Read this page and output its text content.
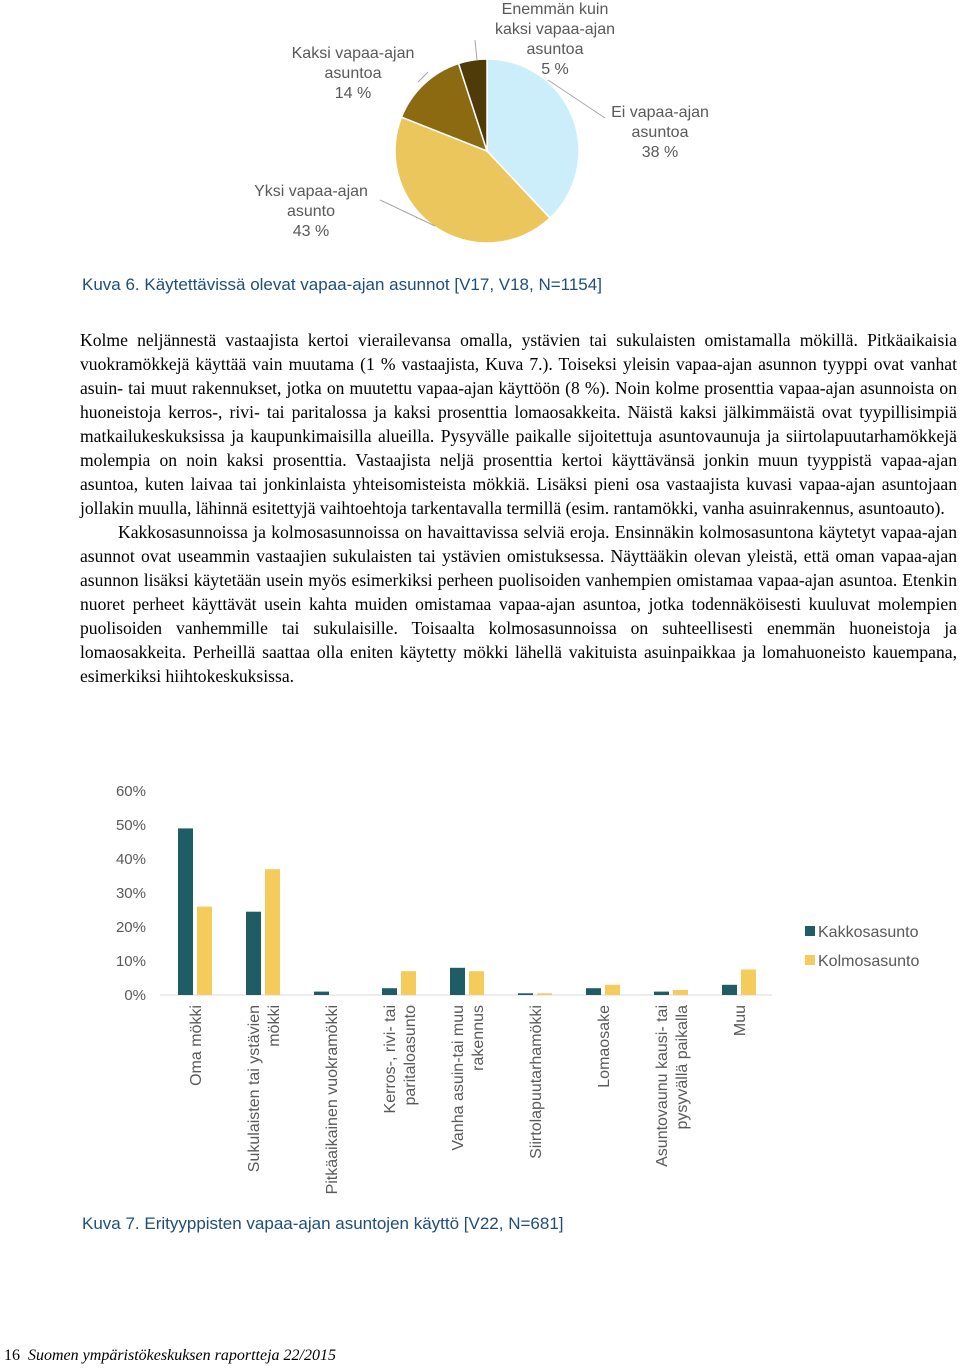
Enemmän kuin
kaksi vapaa-ajan
asuntoa
5 %
Kaksi vapaa-ajan
asuntoa
14 %
Ei vapaa-ajan
asuntoa
38 %
Yksi vapaa-ajan
asunto
43 %
Kuva 6. Käytettävissä olevat vapaa-ajan asunnot [V17, V18, N=1154]

Kolme neljännestä vastaajista kertoi vierailevansa omalla, ystävien tai sukulaisten omistamalla mökillä. Pitkäaikaisia vuokramökkejä käyttää vain muutama (1 % vastaajista, Kuva 7.). Toiseksi yleisin vapaa-ajan asunnon tyyppi ovat vanhat asuin- tai muut rakennukset, jotka on muutettu vapaa-ajan käyttöön (8 %). Noin kolme prosenttia vapaa-ajan asunnoista on huoneistoja kerros-, rivi- tai paritalossa ja kaksi prosenttia lomaosakkeita. Näistä kaksi jälkimmäistä ovat tyypillisimpiä matkailukeskuksissa ja kaupunkimaisilla alueilla. Pysyvälle paikalle sijoitettuja asuntovaunuja ja siirtolapuutarhamökkejä molempia on noin kaksi prosenttia. Vastaajista neljä prosenttia kertoi käyttävänsä jonkin muun tyyppistä vapaa-ajan asuntoa, kuten laivaa tai jonkinlaista yhteisomisteista mökkiä. Lisäksi pieni osa vastaajista kuvasi vapaa-ajan asuntojaan jollakin muulla, lähinnä esitettyjä vaihtoehtoja tarkentavalla termillä (esim. rantamökki, vanha asuinrakennus, asuntoauto).

Kakkosasunnoissa ja kolmosasunnoissa on havaittavissa selviä eroja. Ensinnäkin kolmosasuntona käytetyt vapaa-ajan asunnot ovat useammin vastaajien sukulaisten tai ystävien omistuksessa. Näyttääkin olevan yleistä, että oman vapaa-ajan asunnon lisäksi käytetään usein myös esimerkiksi perheen puolisoiden vanhempien omistamaa vapaa-ajan asuntoa. Etenkin nuoret perheet käyttävät usein kahta muiden omistamaa vapaa-ajan asuntoa, jotka todennäköisesti kuuluvat molempien puolisoiden vanhemmille tai sukulaisille. Toisaalta kolmosasunnoissa on suhteellisesti enemmän huoneistoja ja lomaosakkeita. Perheillä saattaa olla eniten käytetty mökki lähellä vakituista asuinpaikkaa ja lomahuoneisto kauempana, esimerkiksi hiihtokeskuksissa.

0%
10%
20%
30%
40%
50%
60%
Oma mökki	Sukulaisten tai ystävien mökki	Pitkäaikainen vuokramökki	Kerros-, rivi- tai paritaloasunto Vanha asuin-tai muu rakennus	Siirtolapuutarhamökki	Lomaosake	Asuntovaunu kausi- tai pysyvällä paikalla	Muu
Kakkosasunto
Kolmosasunto
Kuva 7. Erityyppisten vapaa-ajan asuntojen käyttö [V22, N=681]
16 Suomen ympäristökeskuksen raportteja 22/2015
